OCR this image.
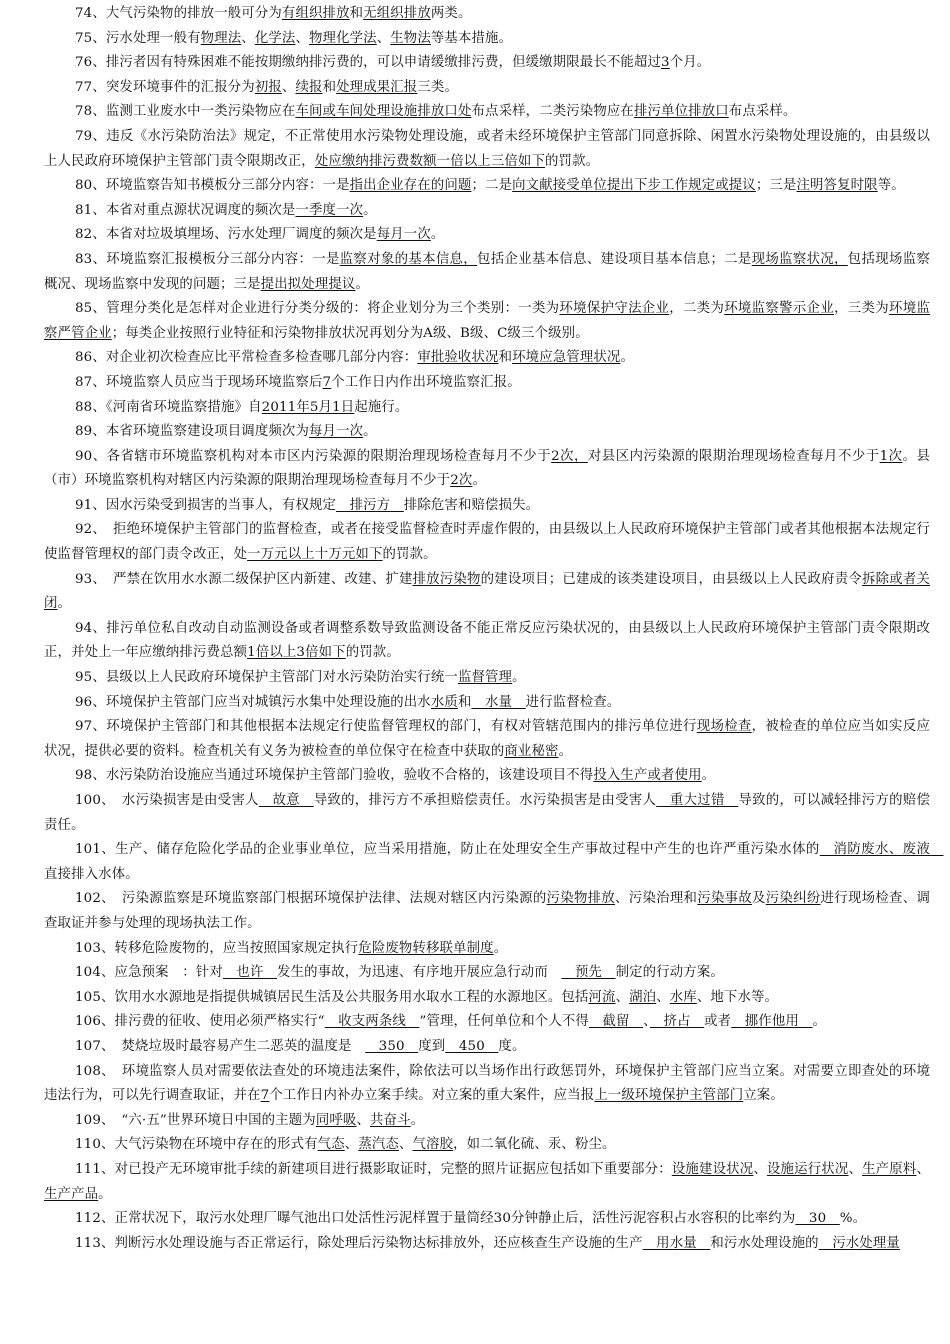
74、大气污染物的排放一般可分为有组织排放和无组织排放两类。

75、污水处理一般有物理法、化学法、物理化学法、生物法等基本措施。

76、排污者因有特殊困难不能按期缴纳排污费的，可以申请缓缴排污费，但缓缴期限最长不能超过3个月。

77、突发环境事件的汇报分为初报、续报和处理成果汇报三类。

78、监测工业废水中一类污染物应在车间或车间处理设施排放口处布点采样，二类污染物应在排污单位排放口布点采样。

79、违反《水污染防治法》规定，不正常使用水污染物处理设施，或者未经环境保护主管部门同意拆除、闲置水污染物处理设施的，由县级以上人民政府环境保护主管部门责令限期改正，处应缴纳排污费数额一倍以上三倍如下的罚款。

80、环境监察告知书模板分三部分内容：一是指出企业存在的问题；二是向文献接受单位提出下步工作规定或提议；三是注明答复时限等。

81、本省对重点源状况调度的频次是一季度一次。

82、本省对垃圾填埋场、污水处理厂调度的频次是每月一次。

83、环境监察汇报模板分三部分内容：一是监察对象的基本信息，包括企业基本信息、建设项目基本信息；二是现场监察状况，包括现场监察概况、现场监察中发现的问题；三是提出拟处理提议。

85、管理分类化是怎样对企业进行分类分级的：将企业划分为三个类别：一类为环境保护守法企业，二类为环境监察警示企业，三类为环境监察严管企业；每类企业按照行业特征和污染物排放状况再划分为A级、B级、C级三个级别。

86、对企业初次检查应比平常检查多检查哪几部分内容：审批验收状况和环境应急管理状况。

87、环境监察人员应当于现场环境监察后7个工作日内作出环境监察汇报。

88、《河南省环境监察措施》自2011年5月1日起施行。

89、本省环境监察建设项目调度频次为每月一次。

90、各省辖市环境监察机构对本市区内污染源的限期治理现场检查每月不少于2次，对县区内污染源的限期治理现场检查每月不少于1次。县（市）环境监察机构对辖区内污染源的限期治理现场检查每月不少于2次。

91、因水污染受到损害的当事人，有权规定　排污方　排除危害和赔偿损失。

92、　拒绝环境保护主管部门的监督检查，或者在接受监督检查时弄虚作假的，由县级以上人民政府环境保护主管部门或者其他根据本法规定行使监督管理权的部门责令改正，处一万元以上十万元如下的罚款。

93、　严禁在饮用水水源二级保护区内新建、改建、扩建排放污染物的建设项目；已建成的该类建设项目，由县级以上人民政府责令拆除或者关闭。

94、排污单位私自改动自动监测设备或者调整系数导致监测设备不能正常反应污染状况的，由县级以上人民政府环境保护主管部门责令限期改正，并处上一年应缴纳排污费总额1倍以上3倍如下的罚款。

95、县级以上人民政府环境保护主管部门对水污染防治实行统一监督管理。

96、环境保护主管部门应当对城镇污水集中处理设施的出水水质和　水量　进行监督检查。

97、环境保护主管部门和其他根据本法规定行使监督管理权的部门，有权对管辖范围内的排污单位进行现场检查，被检查的单位应当如实反应状况，提供必要的资料。检查机关有义务为被检查的单位保守在检查中获取的商业秘密。

98、水污染防治设施应当通过环境保护主管部门验收，验收不合格的，该建设项目不得投入生产或者使用。

100、　水污染损害是由受害人　故意　导致的，排污方不承担赔偿责任。水污染损害是由受害人　重大过错　导致的，可以减轻排污方的赔偿责任。

101、生产、储存危险化学品的企业事业单位，应当采用措施，防止在处理安全生产事故过程中产生的也许严重污染水体的　消防废水、废液　直接排入水体。

102、　污染源监察是环境监察部门根据环境保护法律、法规对辖区内污染源的污染物排放、污染治理和污染事故及污染纠纷进行现场检查、调查取证并参与处理的现场执法工作。

103、转移危险废物的，应当按照国家规定执行危险废物转移联单制度。

104、应急预案　：针对　也许　发生的事故，为迅速、有序地开展应急行动而　　预先　制定的行动方案。

105、饮用水水源地是指提供城镇居民生活及公共服务用水取水工程的水源地区。包括河流、湖泊、水库、地下水等。

106、排污费的征收、使用必须严格实行“　收支两条线　”管理，任何单位和个人不得　截留　、　挤占　或者　挪作他用　。

107、　焚烧垃圾时最容易产生二恶英的温度是　　350　度到　450　度。

108、　环境监察人员对需要依法查处的环境违法案件，除依法可以当场作出行政惩罚外，环境保护主管部门应当立案。对需要立即查处的环境违法行为，可以先行调查取证，并在7个工作日内补办立案手续。对立案的重大案件，应当报上一级环境保护主管部门立案。

109、　“六·五”世界环境日中国的主题为同呼吸、共奋斗。

110、大气污染物在环境中存在的形式有气态、蒸汽态、气溶胶，如二氧化硫、汞、粉尘。

111、对已投产无环境审批手续的新建项目进行摄影取证时，完整的照片证据应包括如下重要部分：设施建设状况、设施运行状况、生产原料、生产产品。

112、正常状况下，取污水处理厂曝气池出口处活性污泥样置于量筒经30分钟静止后，活性污泥容积占水容积的比率约为　30　%。

113、判断污水处理设施与否正常运行，除处理后污染物达标排放外，还应核查生产设施的生产　用水量　和污水处理设施的　污水处理量
